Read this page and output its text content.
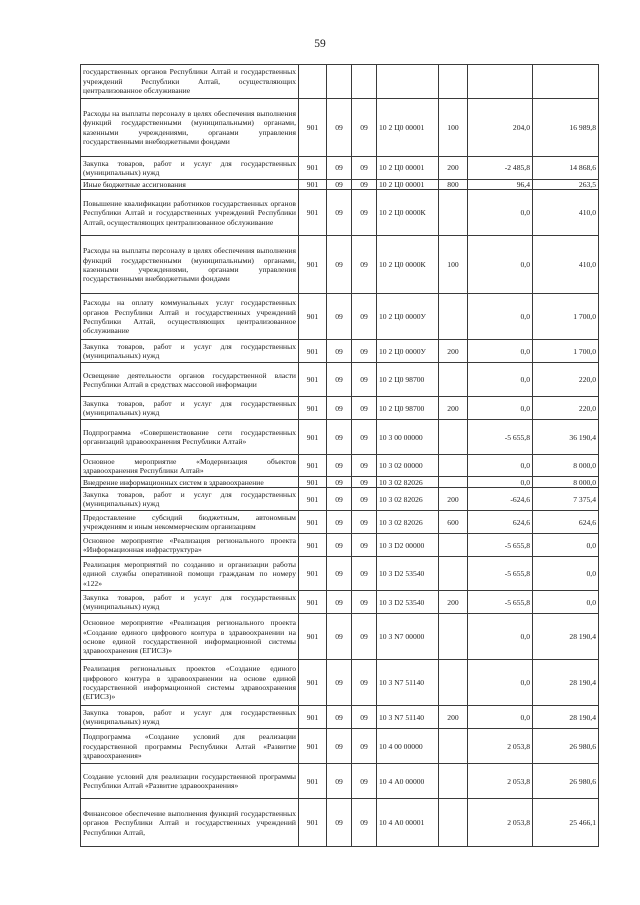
59
государственных органов Республики Алтай и государственных учреждений Республики Алтай, осуществляющих централизованное обслуживание							
Расходы на выплаты персоналу в целях обеспечения выполнения функций государственными (муниципальными) органами, казенными учреждениями, органами управления государственными внебюджетными фондами	901	09	09	10 2 Ц0 00001	100	204,0	16 989,8
Закупка товаров, работ и услуг для государственных (муниципальных) нужд	901	09	09	10 2 Ц0 00001	200	-2 485,8	14 868,6
Иные бюджетные ассигнования	901	09	09	10 2 Ц0 00001	800	96,4	263,5
Повышение квалификации работников государственных органов Республики Алтай и государственных учреждений Республики Алтай, осуществляющих централизованное обслуживание	901	09	09	10 2 Ц0 0000К		0,0	410,0
Расходы на выплаты персоналу в целях обеспечения выполнения функций государственными (муниципальными) органами, казенными учреждениями, органами управления государственными внебюджетными фондами	901	09	09	10 2 Ц0 0000К	100	0,0	410,0
Расходы на оплату коммунальных услуг государственных органов Республики Алтай и государственных учреждений Республики Алтай, осуществляющих централизованное обслуживание	901	09	09	10 2 Ц0 0000У		0,0	1 700,0
Закупка товаров, работ и услуг для государственных (муниципальных) нужд	901	09	09	10 2 Ц0 0000У	200	0,0	1 700,0
Освещение деятельности органов государственной власти Республики Алтай в средствах массовой информации	901	09	09	10 2 Ц0 98700		0,0	220,0
Закупка товаров, работ и услуг для государственных (муниципальных) нужд	901	09	09	10 2 Ц0 98700	200	0,0	220,0
Подпрограмма «Совершенствование сети государственных организаций здравоохранения Республики Алтай»	901	09	09	10 3 00 00000		-5 655,8	36 190,4
Основное мероприятие «Модернизация объектов здравоохранения Республики Алтай»	901	09	09	10 3 02 00000		0,0	8 000,0
Внедрение информационных систем в здравоохранение	901	09	09	10 3 02 82026		0,0	8 000,0
Закупка товаров, работ и услуг для государственных (муниципальных) нужд	901	09	09	10 3 02 82026	200	-624,6	7 375,4
Предоставление субсидий бюджетным, автономным учреждениям и иным некоммерческим организациям	901	09	09	10 3 02 82026	600	624,6	624,6
Основное мероприятие «Реализация регионального проекта «Информационная инфраструктура»	901	09	09	10 3 D2 00000		-5 655,8	0,0
Реализация мероприятий по созданию и организации работы единой службы оперативной помощи гражданам по номеру «122»	901	09	09	10 3 D2 53540		-5 655,8	0,0
Закупка товаров, работ и услуг для государственных (муниципальных) нужд	901	09	09	10 3 D2 53540	200	-5 655,8	0,0
Основное мероприятие «Реализация регионального проекта «Создание единого цифрового контура в здравоохранении на основе единой государственной информационной системы здравоохранения (ЕГИСЗ)»	901	09	09	10 3 N7 00000		0,0	28 190,4
Реализация региональных проектов «Создание единого цифрового контура в здравоохранении на основе единой государственной информационной системы здравоохранения (ЕГИСЗ)»	901	09	09	10 3 N7 51140		0,0	28 190,4
Закупка товаров, работ и услуг для государственных (муниципальных) нужд	901	09	09	10 3 N7 51140	200	0,0	28 190,4
Подпрограмма «Создание условий для реализации государственной программы Республики Алтай «Развитие здравоохранения»	901	09	09	10 4 00 00000		2 053,8	26 980,6
Создание условий для реализации государственной программы Республики Алтай «Развитие здравоохранения»	901	09	09	10 4 А0 00000		2 053,8	26 980,6
Финансовое обеспечение выполнения функций государственных органов Республики Алтай и государственных учреждений Республики Алтай,	901	09	09	10 4 А0 00001		2 053,8	25 466,1
